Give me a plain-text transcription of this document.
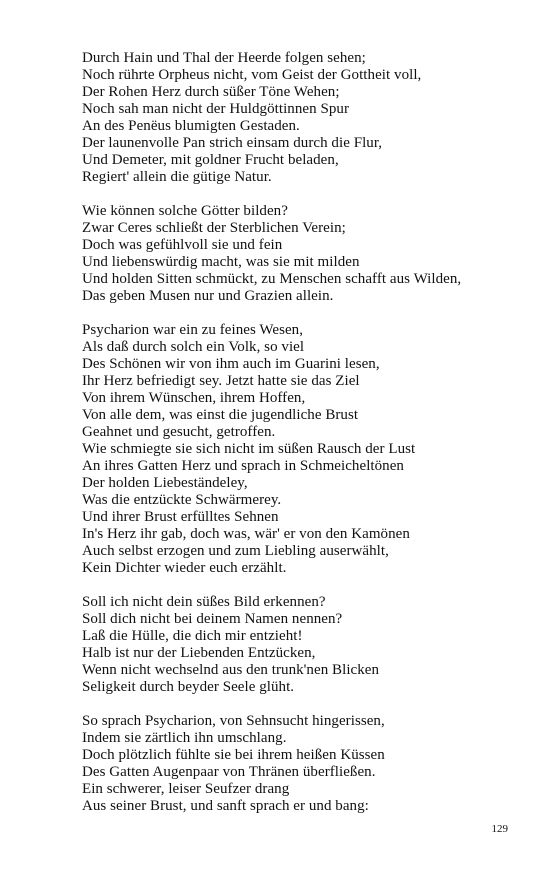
Durch Hain und Thal der Heerde folgen sehen;
Noch rührte Orpheus nicht, vom Geist der Gottheit voll,
Der Rohen Herz durch süßer Töne Wehen;
Noch sah man nicht der Huldgöttinnen Spur
An des Penëus blumigten Gestaden.
Der launenvolle Pan strich einsam durch die Flur,
Und Demeter, mit goldner Frucht beladen,
Regiert' allein die gütige Natur.
Wie können solche Götter bilden?
Zwar Ceres schließt der Sterblichen Verein;
Doch was gefühlvoll sie und fein
Und liebenswürdig macht, was sie mit milden
Und holden Sitten schmückt, zu Menschen schafft aus Wilden,
Das geben Musen nur und Grazien allein.
Psycharion war ein zu feines Wesen,
Als daß durch solch ein Volk, so viel
Des Schönen wir von ihm auch im Guarini lesen,
Ihr Herz befriedigt sey. Jetzt hatte sie das Ziel
Von ihrem Wünschen, ihrem Hoffen,
Von alle dem, was einst die jugendliche Brust
Geahnet und gesucht, getroffen.
Wie schmiegte sie sich nicht im süßen Rausch der Lust
An ihres Gatten Herz und sprach in Schmeicheltönen
Der holden Liebeständeley,
Was die entzückte Schwärmerey.
Und ihrer Brust erfülltes Sehnen
In's Herz ihr gab, doch was, wär' er von den Kamönen
Auch selbst erzogen und zum Liebling auserwählt,
Kein Dichter wieder euch erzählt.
Soll ich nicht dein süßes Bild erkennen?
Soll dich nicht bei deinem Namen nennen?
Laß die Hülle, die dich mir entzieht!
Halb ist nur der Liebenden Entzücken,
Wenn nicht wechselnd aus den trunk'nen Blicken
Seligkeit durch beyder Seele glüht.
So sprach Psycharion, von Sehnsucht hingerissen,
Indem sie zärtlich ihn umschlang.
Doch plötzlich fühlte sie bei ihrem heißen Küssen
Des Gatten Augenpaar von Thränen überfließen.
Ein schwerer, leiser Seufzer drang
Aus seiner Brust, und sanft sprach er und bang:
129
